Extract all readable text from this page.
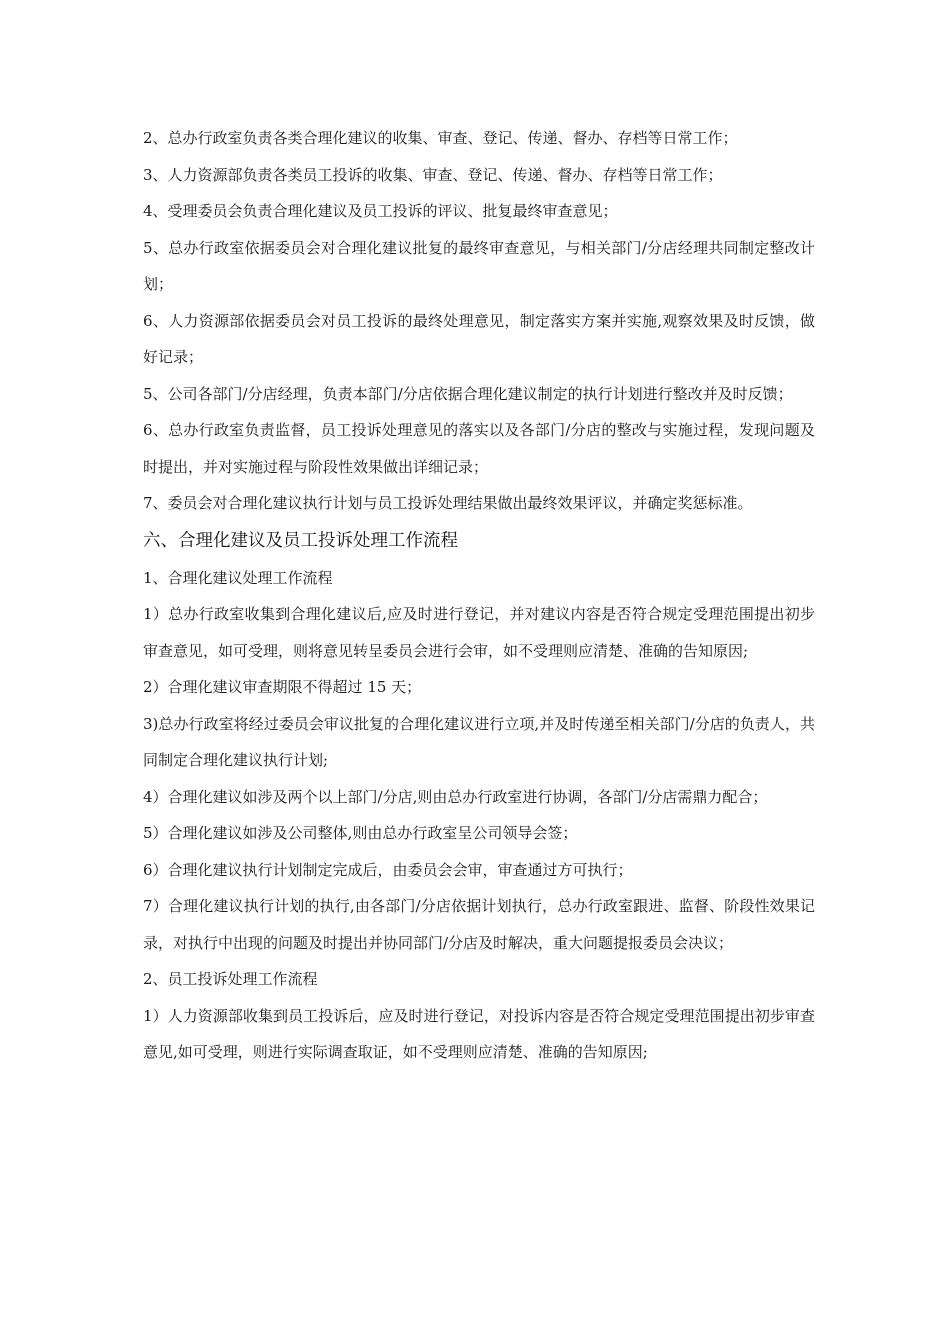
2、总办行政室负责各类合理化建议的收集、审查、登记、传递、督办、存档等日常工作；

3、人力资源部负责各类员工投诉的收集、审查、登记、传递、督办、存档等日常工作；

4、受理委员会负责合理化建议及员工投诉的评议、批复最终审查意见；

5、总办行政室依据委员会对合理化建议批复的最终审查意见，与相关部门/分店经理共同制定整改计划；

6、人力资源部依据委员会对员工投诉的最终处理意见，制定落实方案并实施,观察效果及时反馈，做好记录；

5、公司各部门/分店经理，负责本部门/分店依据合理化建议制定的执行计划进行整改并及时反馈；

6、总办行政室负责监督，员工投诉处理意见的落实以及各部门/分店的整改与实施过程，发现问题及时提出，并对实施过程与阶段性效果做出详细记录；

7、委员会对合理化建议执行计划与员工投诉处理结果做出最终效果评议，并确定奖惩标准。

六、合理化建议及员工投诉处理工作流程

1、合理化建议处理工作流程

1）总办行政室收集到合理化建议后,应及时进行登记，并对建议内容是否符合规定受理范围提出初步审查意见，如可受理，则将意见转呈委员会进行会审，如不受理则应清楚、准确的告知原因;

2）合理化建议审查期限不得超过 15 天；

3)总办行政室将经过委员会审议批复的合理化建议进行立项,并及时传递至相关部门/分店的负责人，共同制定合理化建议执行计划;

4）合理化建议如涉及两个以上部门/分店,则由总办行政室进行协调，各部门/分店需鼎力配合；

5）合理化建议如涉及公司整体,则由总办行政室呈公司领导会签；

6）合理化建议执行计划制定完成后，由委员会会审，审查通过方可执行；

7）合理化建议执行计划的执行,由各部门/分店依据计划执行，总办行政室跟进、监督、阶段性效果记录，对执行中出现的问题及时提出并协同部门/分店及时解决，重大问题提报委员会决议；

2、员工投诉处理工作流程

1）人力资源部收集到员工投诉后，应及时进行登记，对投诉内容是否符合规定受理范围提出初步审查意见,如可受理，则进行实际调查取证，如不受理则应清楚、准确的告知原因;
